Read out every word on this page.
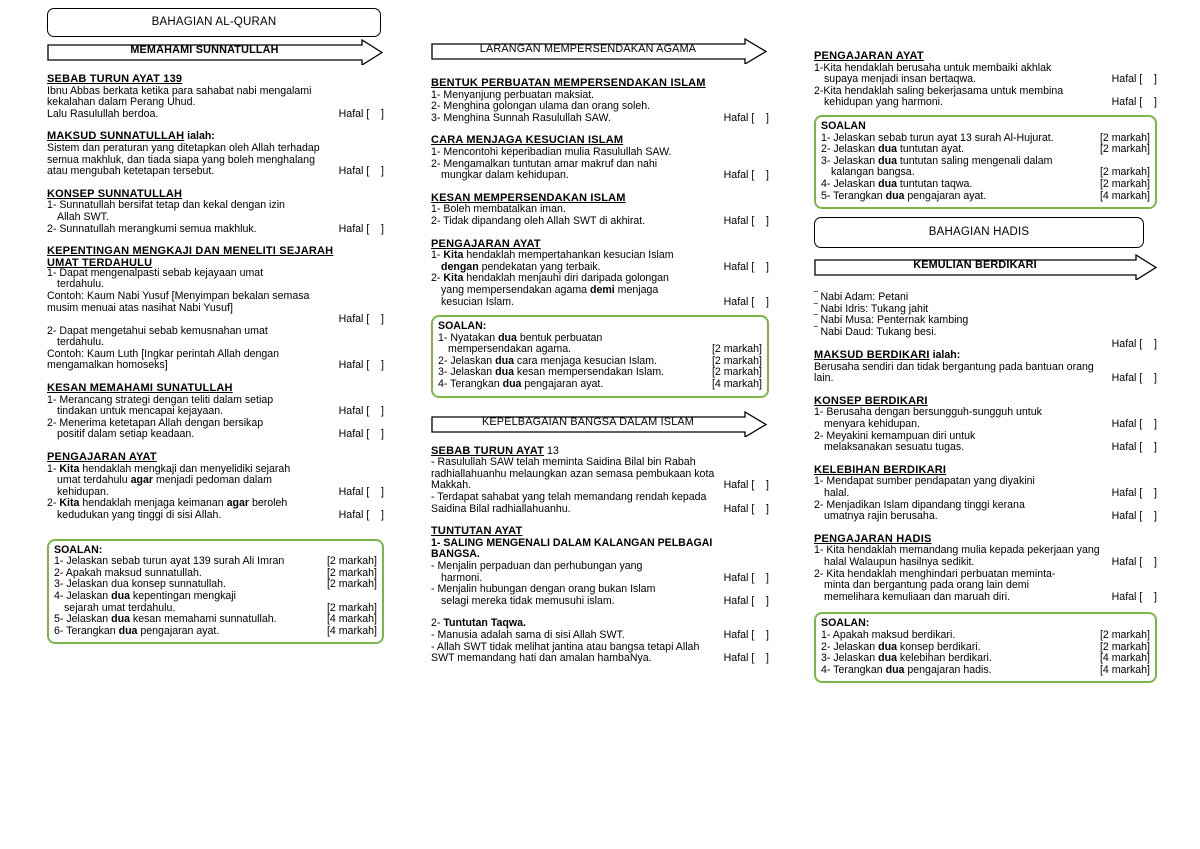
BAHAGIAN AL-QURAN
MEMAHAMI SUNNATULLAH
SEBAB TURUN AYAT 139
Ibnu Abbas berkata ketika para sahabat nabi mengalami
kekalahan dalam Perang Uhud.
Lalu Rasulullah berdoa.	Hafal [    ]
MAKSUD SUNNATULLAH ialah:
Sistem dan peraturan yang ditetapkan oleh Allah terhadap
semua makhluk, dan tiada siapa yang boleh menghalang
atau mengubah ketetapan tersebut.	Hafal [    ]
KONSEP SUNNATULLAH
1- Sunnatullah bersifat tetap dan kekal dengan izin
Allah SWT.
2- Sunnatullah merangkumi semua makhluk.	Hafal [    ]
KEPENTINGAN MENGKAJI DAN MENELITI SEJARAH
UMAT TERDAHULU
1- Dapat mengenalpasti sebab kejayaan umat
terdahulu.
Contoh: Kaum Nabi Yusuf [Menyimpan bekalan semasa
musim menuai atas nasihat Nabi Yusuf]
Hafal [    ]
2- Dapat mengetahui sebab kemusnahan umat
terdahulu.
Contoh: Kaum Luth [Ingkar perintah Allah dengan
mengamalkan homoseks]	Hafal [    ]
KESAN MEMAHAMI SUNATULLAH
1- Merancang strategi dengan teliti dalam setiap
tindakan untuk mencapai kejayaan.	Hafal [    ]
2- Menerima ketetapan Allah dengan bersikap
positif dalam setiap keadaan.	Hafal [    ]
PENGAJARAN AYAT
1- Kita hendaklah mengkaji dan menyelidiki sejarah
umat terdahulu agar menjadi pedoman dalam
kehidupan.	Hafal [    ]
2- Kita hendaklah menjaga keimanan agar beroleh
kedudukan yang tinggi di sisi Allah.	Hafal [    ]
SOALAN:
1- Jelaskan sebab turun ayat 139 surah Ali Imran	[2 markah]
2- Apakah maksud sunnatullah.	[2 markah]
3- Jelaskan dua konsep sunnatullah.	[2 markah]
4- Jelaskan dua kepentingan mengkaji
sejarah umat terdahulu.	[2 markah]
5- Jelaskan dua kesan memahami sunnatullah.	[4 markah]
6- Terangkan dua pengajaran ayat.	[4 markah]
LARANGAN MEMPERSENDAKAN AGAMA
BENTUK PERBUATAN MEMPERSENDAKAN ISLAM
1- Menyanjung perbuatan maksiat.
2- Menghina golongan ulama dan orang soleh.
3- Menghina Sunnah Rasulullah SAW.	Hafal [    ]
CARA MENJAGA KESUCIAN ISLAM
1- Mencontohi keperibadian mulia Rasulullah SAW.
2- Mengamalkan tuntutan amar makruf dan nahi
mungkar dalam kehidupan.	Hafal [    ]
KESAN MEMPERSENDAKAN ISLAM
1- Boleh membatalkan iman.
2- Tidak dipandang oleh Allah SWT di akhirat.	Hafal [    ]
PENGAJARAN AYAT
1- Kita hendaklah mempertahankan kesucian Islam
dengan pendekatan yang terbaik.	Hafal [    ]
2- Kita hendaklah menjauhi diri daripada golongan
yang mempersendakan agama demi menjaga
kesucian Islam.	Hafal [    ]
SOALAN:
1- Nyatakan dua bentuk perbuatan
mempersendakan agama.	[2 markah]
2- Jelaskan dua cara menjaga kesucian Islam.	[2 markah]
3- Jelaskan dua kesan mempersendakan Islam.	[2 markah]
4- Terangkan dua pengajaran ayat.	[4 markah]
KEPELBAGAIAN BANGSA DALAM ISLAM
SEBAB TURUN AYAT 13
- Rasulullah SAW telah meminta Saidina Bilal bin Rabah
radhiallahuanhu melaungkan azan semasa pembukaan kota
Makkah.	Hafal [    ]
- Terdapat sahabat yang telah memandang rendah kepada
Saidina Bilal radhiallahuanhu.	Hafal [    ]
TUNTUTAN AYAT
1- SALING MENGENALI DALAM KALANGAN PELBAGAI
BANGSA.
- Menjalin perpaduan dan perhubungan yang
harmoni.	Hafal [    ]
- Menjalin hubungan dengan orang bukan Islam
selagi mereka tidak memusuhi islam.	Hafal [    ]
2- Tuntutan Taqwa.
- Manusia adalah sama di sisi Allah SWT.	Hafal [    ]
- Allah SWT tidak melihat jantina atau bangsa tetapi Allah
SWT memandang hati dan amalan hambaNya.	Hafal [    ]
PENGAJARAN AYAT
1-Kita hendaklah berusaha untuk membaiki akhlak
supaya menjadi insan bertaqwa.	Hafal [    ]
2-Kita hendaklah saling bekerjasama untuk membina
kehidupan yang harmoni.	Hafal [    ]
SOALAN
1- Jelaskan sebab turun ayat 13 surah Al-Hujurat.	[2 markah]
2- Jelaskan dua tuntutan ayat.	[2 markah]
3- Jelaskan dua tuntutan saling mengenali dalam
kalangan bangsa.	[2 markah]
4- Jelaskan dua tuntutan taqwa.	[2 markah]
5- Terangkan dua pengajaran ayat.	[4 markah]
BAHAGIAN HADIS
KEMULIAN BERDIKARI
‾ Nabi Adam: Petani
‾ Nabi Idris: Tukang jahit
‾ Nabi Musa: Penternak kambing
‾ Nabi Daud: Tukang besi.
Hafal [    ]
MAKSUD BERDIKARI ialah:
Berusaha sendiri dan tidak bergantung pada bantuan orang
lain.	Hafal [    ]
KONSEP BERDIKARI
1- Berusaha dengan bersungguh-sungguh untuk
menyara kehidupan.	Hafal [    ]
2- Meyakini kemampuan diri untuk
melaksanakan sesuatu tugas.	Hafal [    ]
KELEBIHAN BERDIKARI
1- Mendapat sumber pendapatan yang diyakini
halal.	Hafal [    ]
2- Menjadikan Islam dipandang tinggi kerana
umatnya rajin berusaha.	Hafal [    ]
PENGAJARAN HADIS
1- Kita hendaklah memandang mulia kepada pekerjaan yang
halal Walaupun hasilnya sedikit.	Hafal [    ]
2- Kita hendaklah menghindari perbuatan meminta-
minta dan bergantung pada orang lain demi
memelihara kemuliaan dan maruah diri.	Hafal [    ]
SOALAN:
1- Apakah maksud berdikari.	[2 markah]
2- Jelaskan dua konsep berdikari.	[2 markah]
3- Jelaskan dua kelebihan berdikari.	[4 markah]
4- Terangkan dua pengajaran hadis.	[4 markah]
